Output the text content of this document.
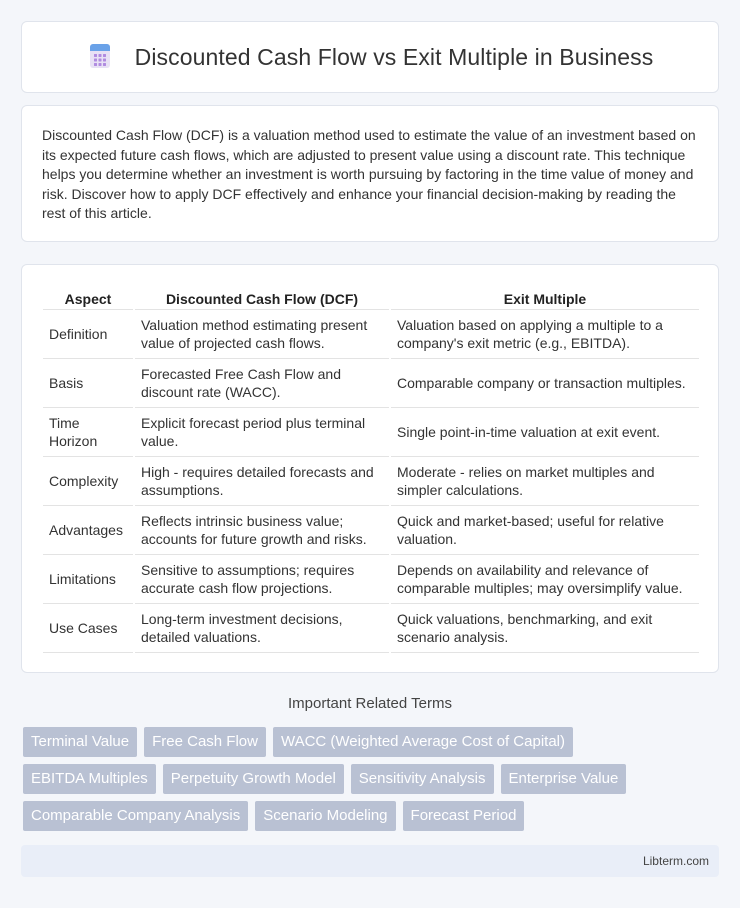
Discounted Cash Flow vs Exit Multiple in Business

Discounted Cash Flow (DCF) is a valuation method used to estimate the value of an investment based on its expected future cash flows, which are adjusted to present value using a discount rate. This technique helps you determine whether an investment is worth pursuing by factoring in the time value of money and risk. Discover how to apply DCF effectively and enhance your financial decision-making by reading the rest of this article.

Aspect	Discounted Cash Flow (DCF)	Exit Multiple
Definition	Valuation method estimating present value of projected cash flows.	Valuation based on applying a multiple to a company's exit metric (e.g., EBITDA).
Basis	Forecasted Free Cash Flow and discount rate (WACC).	Comparable company or transaction multiples.
Time Horizon	Explicit forecast period plus terminal value.	Single point-in-time valuation at exit event.
Complexity	High - requires detailed forecasts and assumptions.	Moderate - relies on market multiples and simpler calculations.
Advantages	Reflects intrinsic business value; accounts for future growth and risks.	Quick and market-based; useful for relative valuation.
Limitations	Sensitive to assumptions; requires accurate cash flow projections.	Depends on availability and relevance of comparable multiples; may oversimplify value.
Use Cases	Long-term investment decisions, detailed valuations.	Quick valuations, benchmarking, and exit scenario analysis.
Important Related Terms
Terminal Value	Free Cash Flow	WACC (Weighted Average Cost of Capital)
EBITDA Multiples	Perpetuity Growth Model	Sensitivity Analysis	Enterprise Value
Comparable Company Analysis	Scenario Modeling	Forecast Period
Libterm.com
